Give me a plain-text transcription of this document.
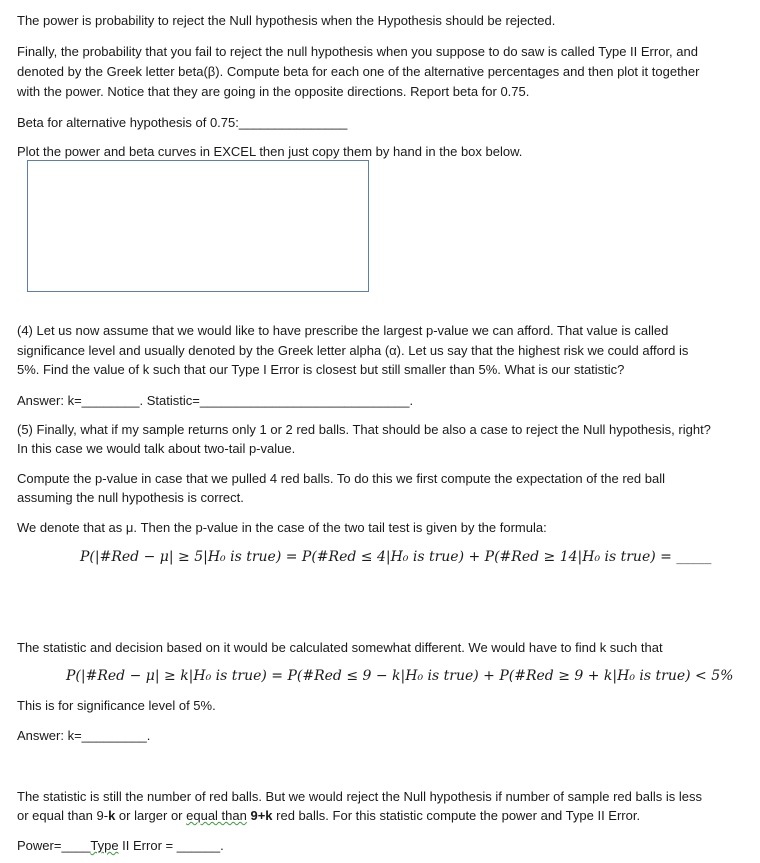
The power is probability to reject the Null hypothesis when the Hypothesis should be rejected.
Finally, the probability that you fail to reject the null hypothesis when you suppose to do saw is called Type II Error, and
denoted by the Greek letter beta(β). Compute beta for each one of the alternative percentages and then plot it together
with the power. Notice that they are going in the opposite directions. Report beta for 0.75.
Beta for alternative hypothesis of 0.75:_______________
Plot the power and beta curves in EXCEL then just copy them by hand in the box below.
(4) Let us now assume that we would like to have prescribe the largest p-value we can afford. That value is called
significance level and usually denoted by the Greek letter alpha (α). Let us say that the highest risk we could afford is
5%. Find the value of k such that our Type I Error is closest but still smaller than 5%. What is our statistic?
Answer: k=________. Statistic=_____________________________.
(5) Finally, what if my sample returns only 1 or 2 red balls. That should be also a case to reject the Null hypothesis, right?
In this case we would talk about two-tail p-value.
Compute the p-value in case that we pulled 4 red balls. To do this we first compute the expectation of the red ball
assuming the null hypothesis is correct.
We denote that as μ. Then the p-value in the case of the two tail test is given by the formula:
P(|#Red − μ| ≥ 5|H₀ is true) = P(#Red ≤ 4|H₀ is true) + P(#Red ≥ 14|H₀ is true) = _____
The statistic and decision based on it would be calculated somewhat different. We would have to find k such that
P(|#Red − μ| ≥ k|H₀ is true) = P(#Red ≤ 9 − k|H₀ is true) + P(#Red ≥ 9 + k|H₀ is true) < 5%
This is for significance level of 5%.
Answer: k=_________.
The statistic is still the number of red balls. But we would reject the Null hypothesis if number of sample red balls is less
or equal than 9-k or larger or equal than 9+k red balls. For this statistic compute the power and Type II Error.
Power=____Type II Error = ______.
